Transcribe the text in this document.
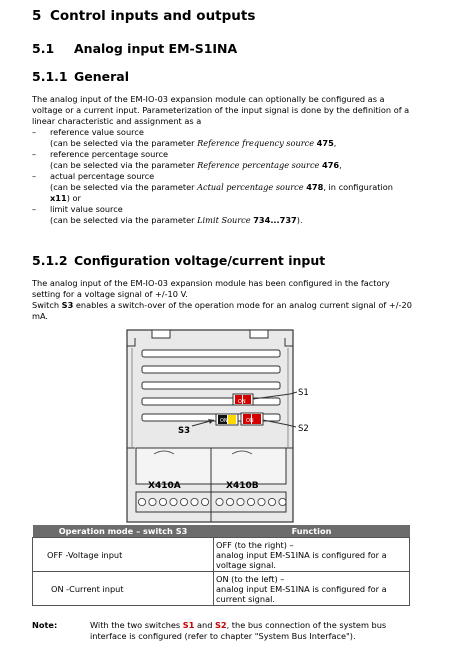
5 Control inputs and outputs
5.1 Analog input EM-S1INA
5.1.1 General

The analog input of the EM-IO-03 expansion module can optionally be configured as a voltage or a current input. Parameterization of the input signal is done by the definition of a linear characteristic and assignment as a

– reference value source
(can be selected via the parameter Reference frequency source 475,
– reference percentage source
(can be selected via the parameter Reference percentage source 476,
– actual percentage source
(can be selected via the parameter Actual percentage source 478, in configuration x11) or
– limit value source
(can be selected via the parameter Limit Source 734...737).
5.1.2 Configuration voltage/current input

The analog input of the EM-IO-03 expansion module has been configured in the factory setting for a voltage signal of +/-10 V.

Switch S3 enables a switch-over of the operation mode for an analog current signal of +/-20 mA.

ON
ON
ON
S1
S2
S3
X410A	X410B
Operation mode – switch S3	Function
OFF -Voltage input	OFF (to the right) –
analog input EM-S1INA is configured for a
voltage signal.

ON -Current input	ON (to the left) –
analog input EM-S1INA is configured for a
current signal.
Note:	With the two switches S1 and S2, the bus connection of the system bus interface is configured (refer to chapter "System Bus Interface").
